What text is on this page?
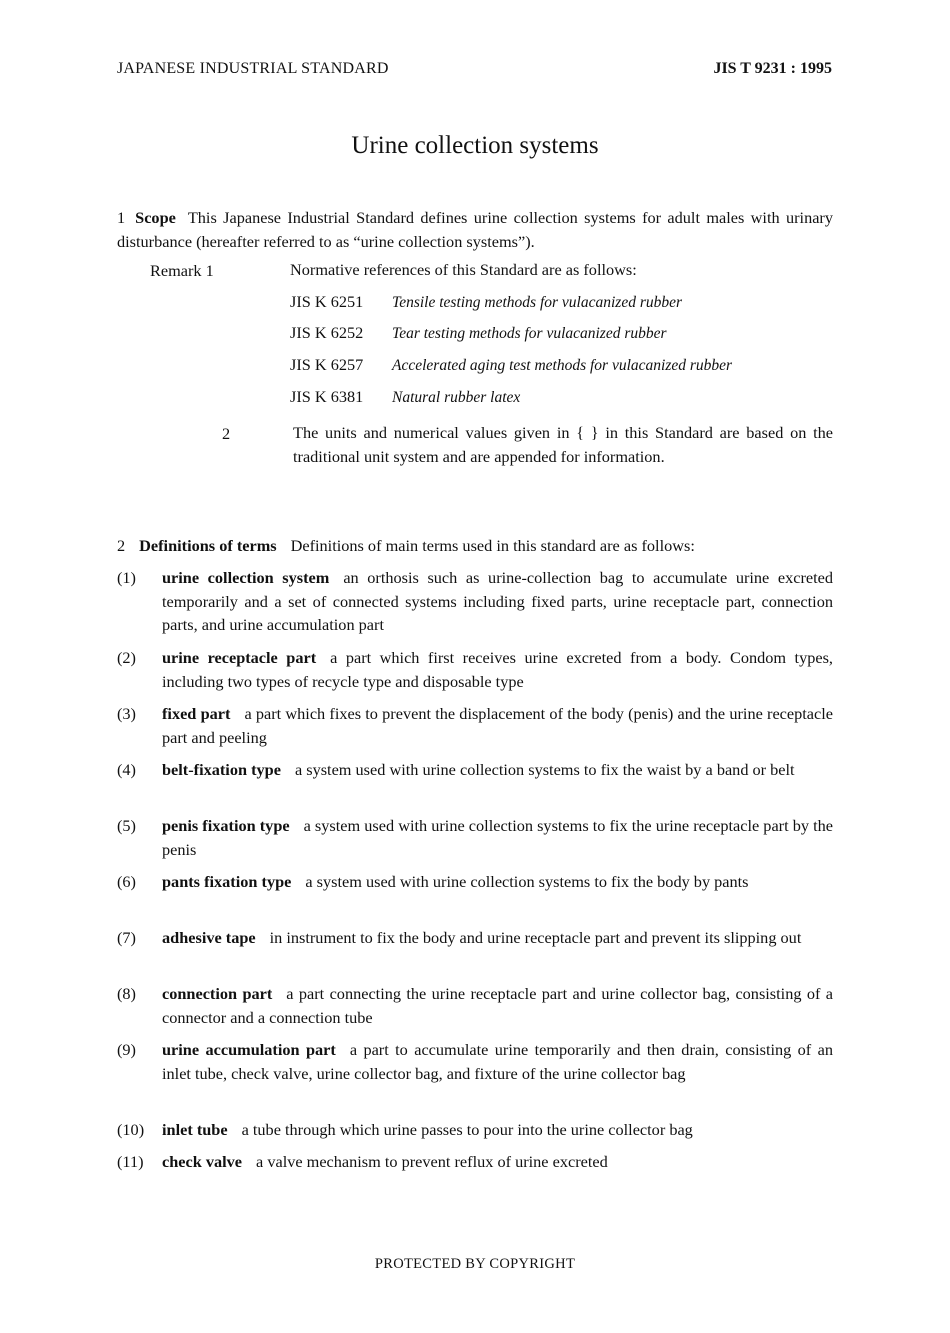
JAPANESE INDUSTRIAL STANDARD	JIS T 9231 : 1995
Urine collection systems
1 Scope This Japanese Industrial Standard defines urine collection systems for adult males with urinary disturbance (hereafter referred to as “urine collection systems”).
Remark 1	Normative references of this Standard are as follows:
JIS K 6251 Tensile testing methods for vulacanized rubber
JIS K 6252 Tear testing methods for vulacanized rubber
JIS K 6257 Accelerated aging test methods for vulacanized rubber
JIS K 6381 Natural rubber latex
2	The units and numerical values given in { } in this Standard are based on the traditional unit system and are appended for information.
2 Definitions of terms Definitions of main terms used in this standard are as follows:
(1) urine collection system an orthosis such as urine-collection bag to accumulate urine excreted temporarily and a set of connected systems including fixed parts, urine receptacle part, connection parts, and urine accumulation part
(2) urine receptacle part a part which first receives urine excreted from a body. Condom types, including two types of recycle type and disposable type
(3) fixed part a part which fixes to prevent the displacement of the body (penis) and the urine receptacle part and peeling
(4) belt-fixation type a system used with urine collection systems to fix the waist by a band or belt
(5) penis fixation type a system used with urine collection systems to fix the urine receptacle part by the penis
(6) pants fixation type a system used with urine collection systems to fix the body by pants
(7) adhesive tape in instrument to fix the body and urine receptacle part and prevent its slipping out
(8) connection part a part connecting the urine receptacle part and urine collector bag, consisting of a connector and a connection tube
(9) urine accumulation part a part to accumulate urine temporarily and then drain, consisting of an inlet tube, check valve, urine collector bag, and fixture of the urine collector bag
(10) inlet tube a tube through which urine passes to pour into the urine collector bag
(11) check valve a valve mechanism to prevent reflux of urine excreted
PROTECTED BY COPYRIGHT
